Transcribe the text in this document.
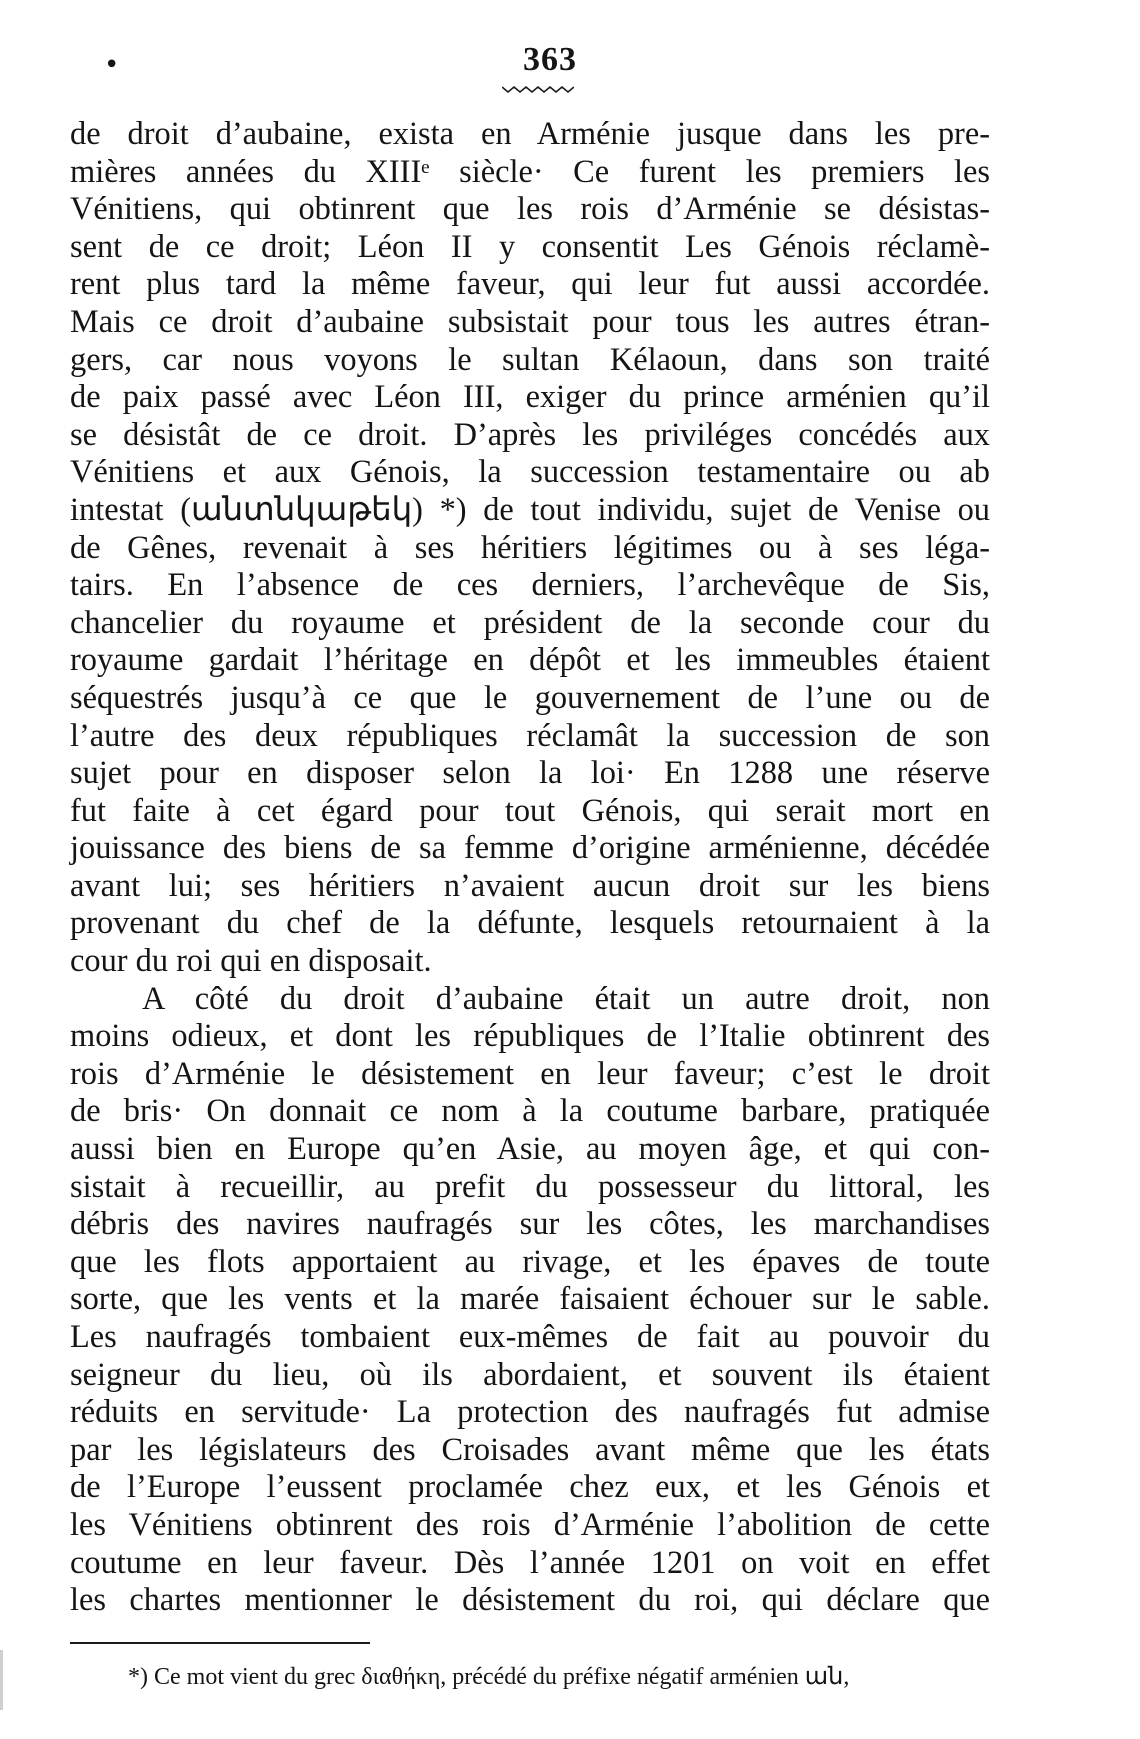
•	363
de droit d’aubaine, exista en Arménie jusque dans les pre-
mières années du XIIIᵉ siècle· Ce furent les premiers les
Vénitiens, qui obtinrent que les rois d’Arménie se désistas-
sent de ce droit; Léon II y consentit Les Génois réclamè-
rent plus tard la même faveur, qui leur fut aussi accordée.
Mais ce droit d’aubaine subsistait pour tous les autres étran-
gers, car nous voyons le sultan Kélaoun, dans son traité
de paix passé avec Léon III, exiger du prince arménien qu’il
se désistât de ce droit. D’après les priviléges concédés aux
Vénitiens et aux Génois, la succession testamentaire ou ab
intestat (անտնկաթեկ) *) de tout individu, sujet de Venise ou
de Gênes, revenait à ses héritiers légitimes ou à ses léga-
tairs. En l’absence de ces derniers, l’archevêque de Sis,
chancelier du royaume et président de la seconde cour du
royaume gardait l’héritage en dépôt et les immeubles étaient
séquestrés jusqu’à ce que le gouvernement de l’une ou de
l’autre des deux républiques réclamât la succession de son
sujet pour en disposer selon la loi· En 1288 une réserve
fut faite à cet égard pour tout Génois, qui serait mort en
jouissance des biens de sa femme d’origine arménienne, décédée
avant lui; ses héritiers n’avaient aucun droit sur les biens
provenant du chef de la défunte, lesquels retournaient à la
cour du roi qui en disposait.
A côté du droit d’aubaine était un autre droit, non
moins odieux, et dont les républiques de l’Italie obtinrent des
rois d’Arménie le désistement en leur faveur; c’est le droit
de bris· On donnait ce nom à la coutume barbare, pratiquée
aussi bien en Europe qu’en Asie, au moyen âge, et qui con-
sistait à recueillir, au prefit du possesseur du littoral, les
débris des navires naufragés sur les côtes, les marchandises
que les flots apportaient au rivage, et les épaves de toute
sorte, que les vents et la marée faisaient échouer sur le sable.
Les naufragés tombaient eux-mêmes de fait au pouvoir du
seigneur du lieu, où ils abordaient, et souvent ils étaient
réduits en servitude· La protection des naufragés fut admise
par les législateurs des Croisades avant même que les états
de l’Europe l’eussent proclamée chez eux, et les Génois et
les Vénitiens obtinrent des rois d’Arménie l’abolition de cette
coutume en leur faveur. Dès l’année 1201 on voit en effet
les chartes mentionner le désistement du roi, qui déclare que
*) Ce mot vient du grec διαθήκη, précédé du préfixe négatif arménien ան,
